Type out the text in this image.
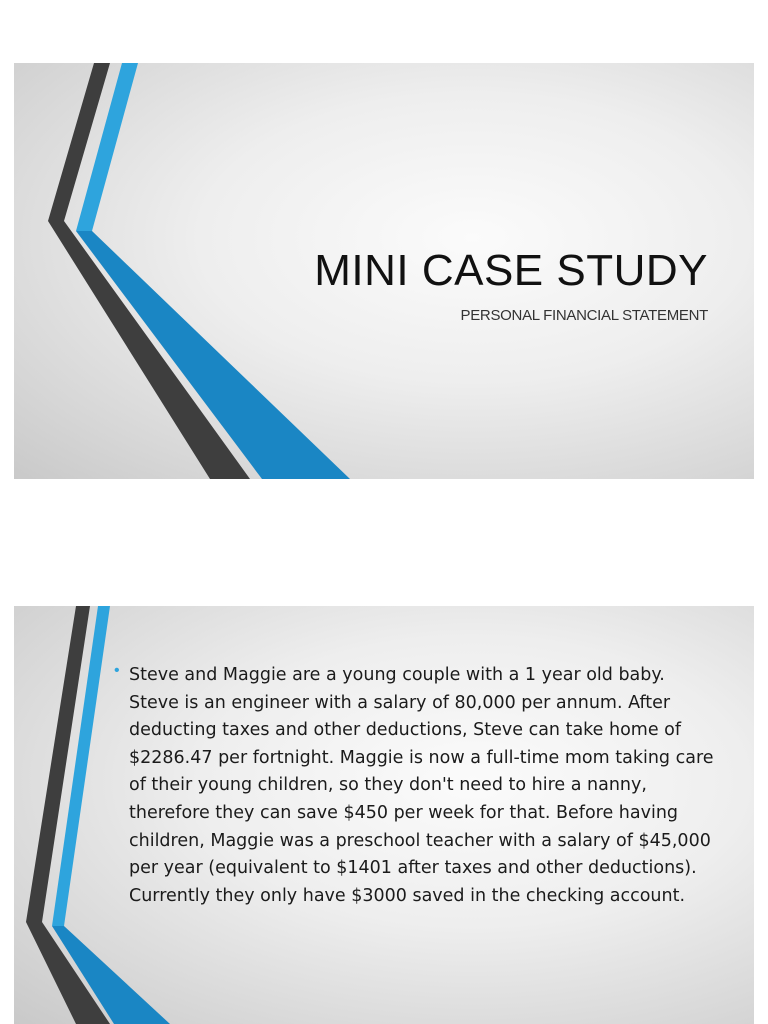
MINI CASE STUDY

PERSONAL FINANCIAL STATEMENT

• Steve and Maggie are a young couple with a 1 year old baby. Steve is an engineer with a salary of 80,000 per annum. After deducting taxes and other deductions, Steve can take home of $2286.47 per fortnight. Maggie is now a full-time mom taking care of their young children, so they don't need to hire a nanny, therefore they can save $450 per week for that. Before having children, Maggie was a preschool teacher with a salary of $45,000 per year (equivalent to $1401 after taxes and other deductions). Currently they only have $3000 saved in the checking account.
